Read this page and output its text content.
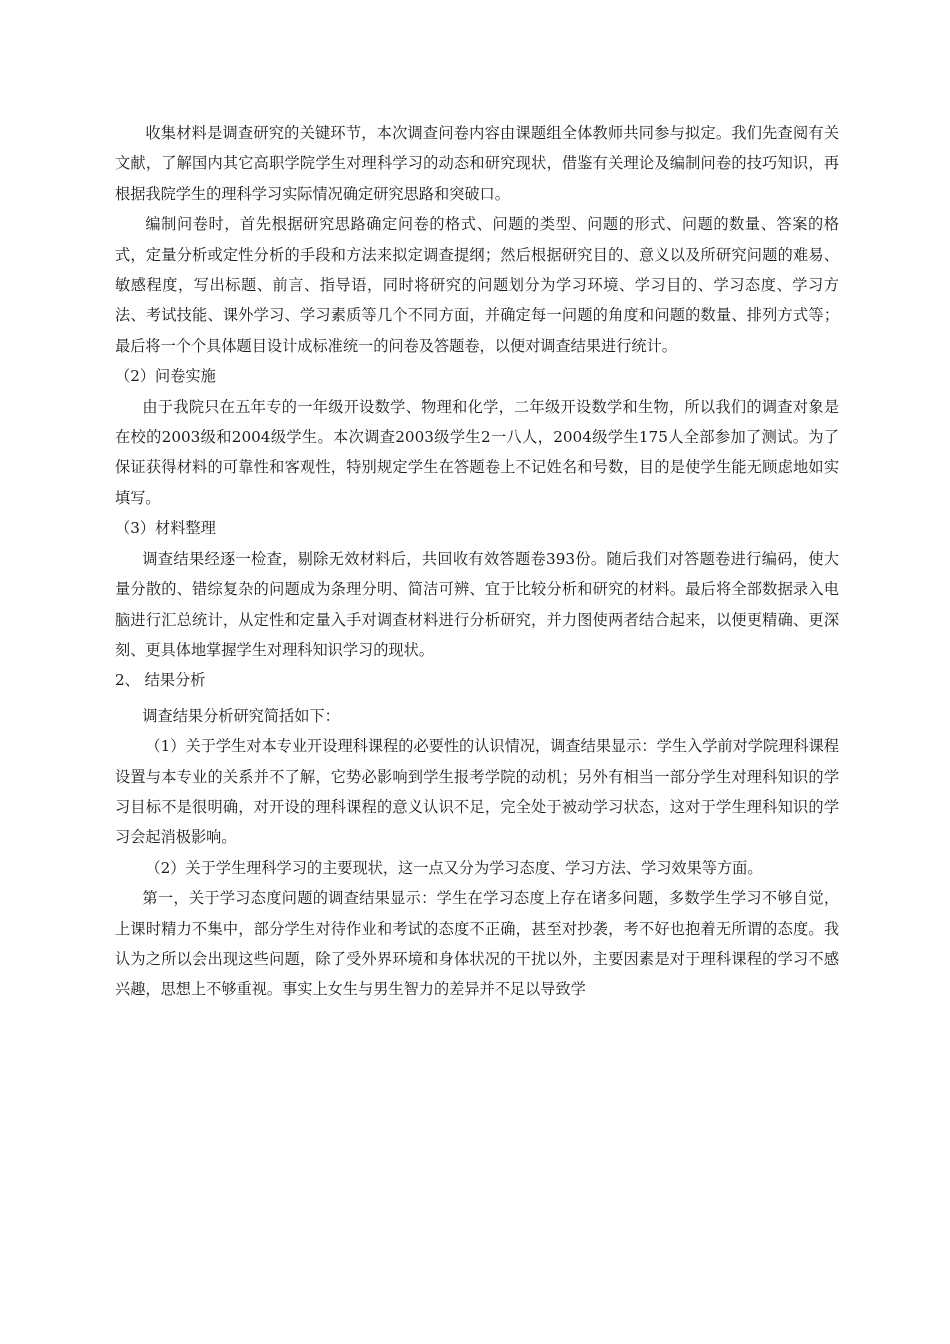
收集材料是调查研究的关键环节，本次调查问卷内容由课题组全体教师共同参与拟定。我们先查阅有关文献，了解国内其它高职学院学生对理科学习的动态和研究现状，借鉴有关理论及编制问卷的技巧知识，再根据我院学生的理科学习实际情况确定研究思路和突破口。

编制问卷时，首先根据研究思路确定问卷的格式、问题的类型、问题的形式、问题的数量、答案的格式，定量分析或定性分析的手段和方法来拟定调查提纲；然后根据研究目的、意义以及所研究问题的难易、敏感程度，写出标题、前言、指导语，同时将研究的问题划分为学习环境、学习目的、学习态度、学习方法、考试技能、课外学习、学习素质等几个不同方面，并确定每一问题的角度和问题的数量、排列方式等；最后将一个个具体题目设计成标准统一的问卷及答题卷，以便对调查结果进行统计。

（2）问卷实施

由于我院只在五年专的一年级开设数学、物理和化学，二年级开设数学和生物，所以我们的调查对象是在校的2003级和2004级学生。本次调查2003级学生2一八人，2004级学生175人全部参加了测试。为了保证获得材料的可靠性和客观性，特别规定学生在答题卷上不记姓名和号数，目的是使学生能无顾虑地如实填写。

（3）材料整理

调查结果经逐一检查，剔除无效材料后，共回收有效答题卷393份。随后我们对答题卷进行编码，使大量分散的、错综复杂的问题成为条理分明、简洁可辨、宜于比较分析和研究的材料。最后将全部数据录入电脑进行汇总统计，从定性和定量入手对调查材料进行分析研究，并力图使两者结合起来，以便更精确、更深刻、更具体地掌握学生对理科知识学习的现状。

2、 结果分析

调查结果分析研究简括如下：

（1）关于学生对本专业开设理科课程的必要性的认识情况，调查结果显示：学生入学前对学院理科课程设置与本专业的关系并不了解，它势必影响到学生报考学院的动机；另外有相当一部分学生对理科知识的学习目标不是很明确，对开设的理科课程的意义认识不足，完全处于被动学习状态，这对于学生理科知识的学习会起消极影响。

（2）关于学生理科学习的主要现状，这一点又分为学习态度、学习方法、学习效果等方面。

第一，关于学习态度问题的调查结果显示：学生在学习态度上存在诸多问题，多数学生学习不够自觉，上课时精力不集中，部分学生对待作业和考试的态度不正确，甚至对抄袭，考不好也抱着无所谓的态度。我认为之所以会出现这些问题，除了受外界环境和身体状况的干扰以外，主要因素是对于理科课程的学习不感兴趣，思想上不够重视。事实上女生与男生智力的差异并不足以导致学
